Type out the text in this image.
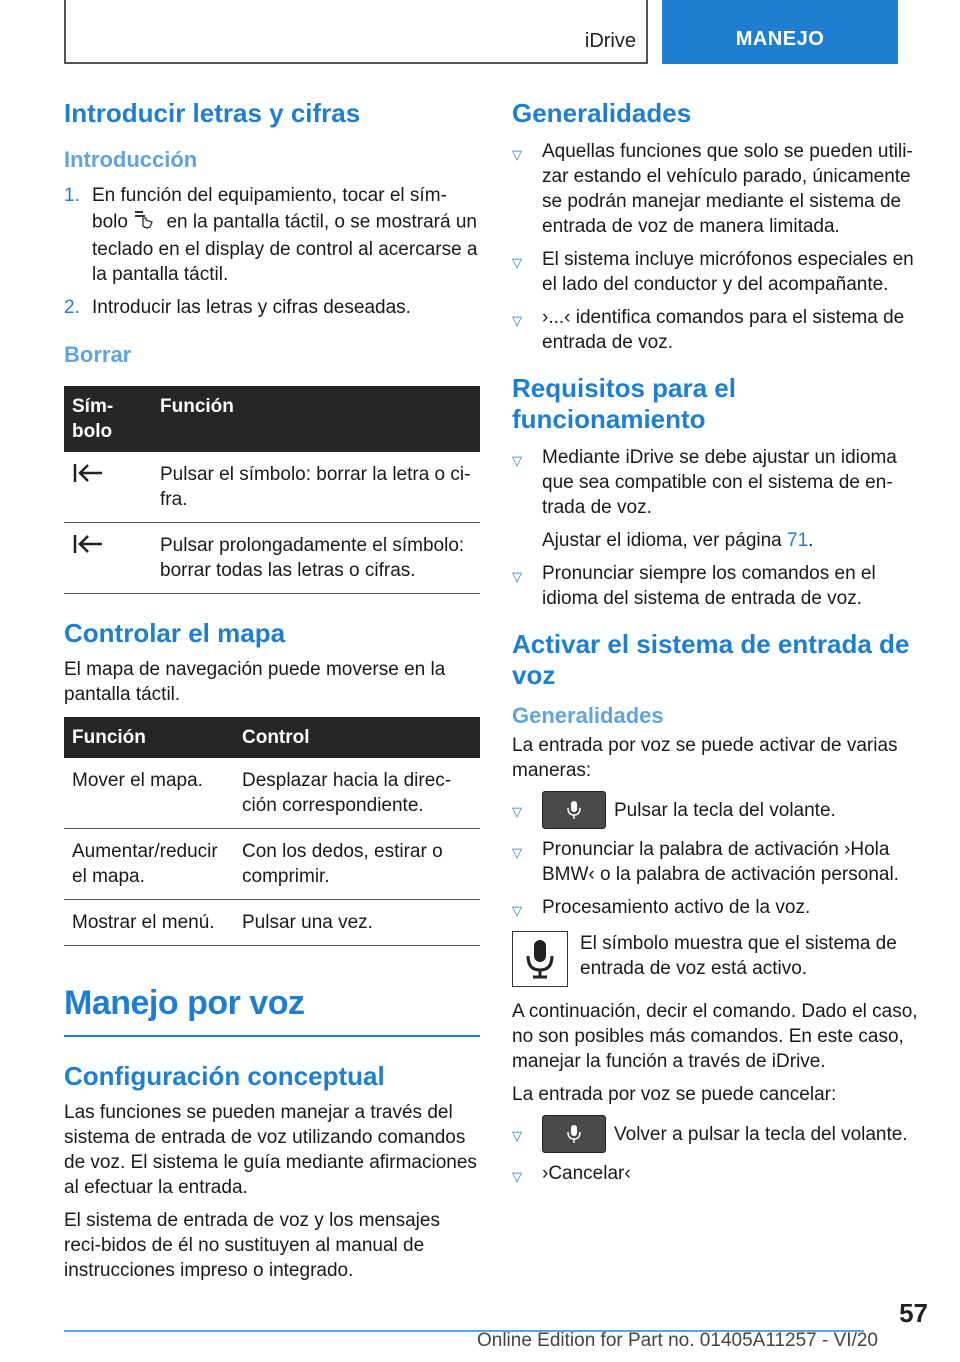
iDrive	MANEJO
Introducir letras y cifras
Introducción
1. En función del equipamiento, tocar el sím‐bolo en la pantalla táctil, o se mostrará un teclado en el display de control al acercarse a la pantalla táctil.
2. Introducir las letras y cifras deseadas.
Borrar
Sím‐bolo	Función
	Pulsar el símbolo: borrar la letra o ci‐fra.
	Pulsar prolongadamente el símbolo: borrar todas las letras o cifras.
Controlar el mapa

El mapa de navegación puede moverse en la pantalla táctil.

Función	Control
Mover el mapa.	Desplazar hacia la direc‐ción correspondiente.
Aumentar/reducir el mapa.	Con los dedos, estirar o comprimir.
Mostrar el menú.	Pulsar una vez.
Manejo por voz
Configuración conceptual

Las funciones se pueden manejar a través del sistema de entrada de voz utilizando comandos de voz. El sistema le guía mediante afirmaciones al efectuar la entrada.

El sistema de entrada de voz y los mensajes reci‐bidos de él no sustituyen al manual de instrucciones impreso o integrado.

Generalidades
▽	Aquellas funciones que solo se pueden utili‐zar estando el vehículo parado, únicamente se podrán manejar mediante el sistema de entrada de voz de manera limitada.
▽	El sistema incluye micrófonos especiales en el lado del conductor y del acompañante.
▽	›...‹ identifica comandos para el sistema de entrada de voz.
Requisitos para el funcionamiento
▽	Mediante iDrive se debe ajustar un idioma que sea compatible con el sistema de en‐trada de voz.

Ajustar el idioma, ver página 71.

▽	Pronunciar siempre los comandos en el idioma del sistema de entrada de voz.
Activar el sistema de entrada de voz
Generalidades

La entrada por voz se puede activar de varias maneras:

▽	Pulsar la tecla del volante.
▽	Pronunciar la palabra de activación ›Hola BMW‹ o la palabra de activación personal.
▽	Procesamiento activo de la voz.

El símbolo muestra que el sistema de entrada de voz está activo.

A continuación, decir el comando. Dado el caso, no son posibles más comandos. En este caso, manejar la función a través de iDrive.

La entrada por voz se puede cancelar:

▽	Volver a pulsar la tecla del volante.
▽	›Cancelar‹
57
Online Edition for Part no. 01405A11257 - VI/20
